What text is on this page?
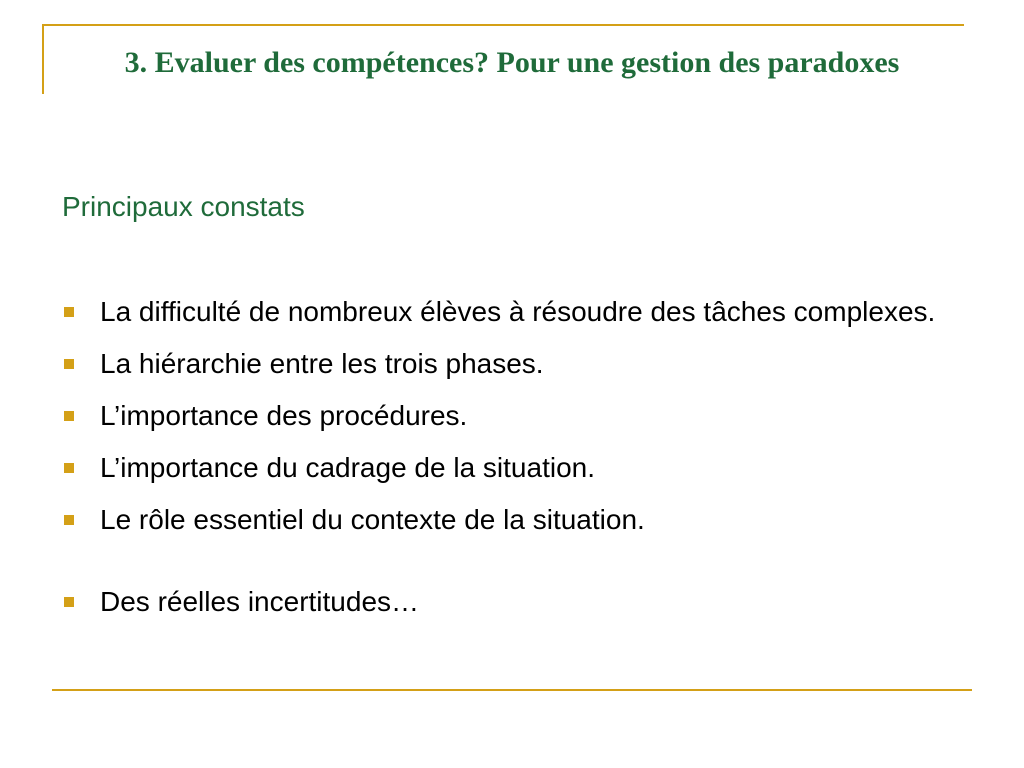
3. Evaluer des compétences? Pour une gestion des paradoxes

Principaux constats

La difficulté de nombreux élèves à résoudre des tâches complexes.
La hiérarchie entre les trois phases.
L’importance des procédures.
L’importance du cadrage de la situation.
Le rôle essentiel du contexte de la situation.
Des réelles incertitudes…
